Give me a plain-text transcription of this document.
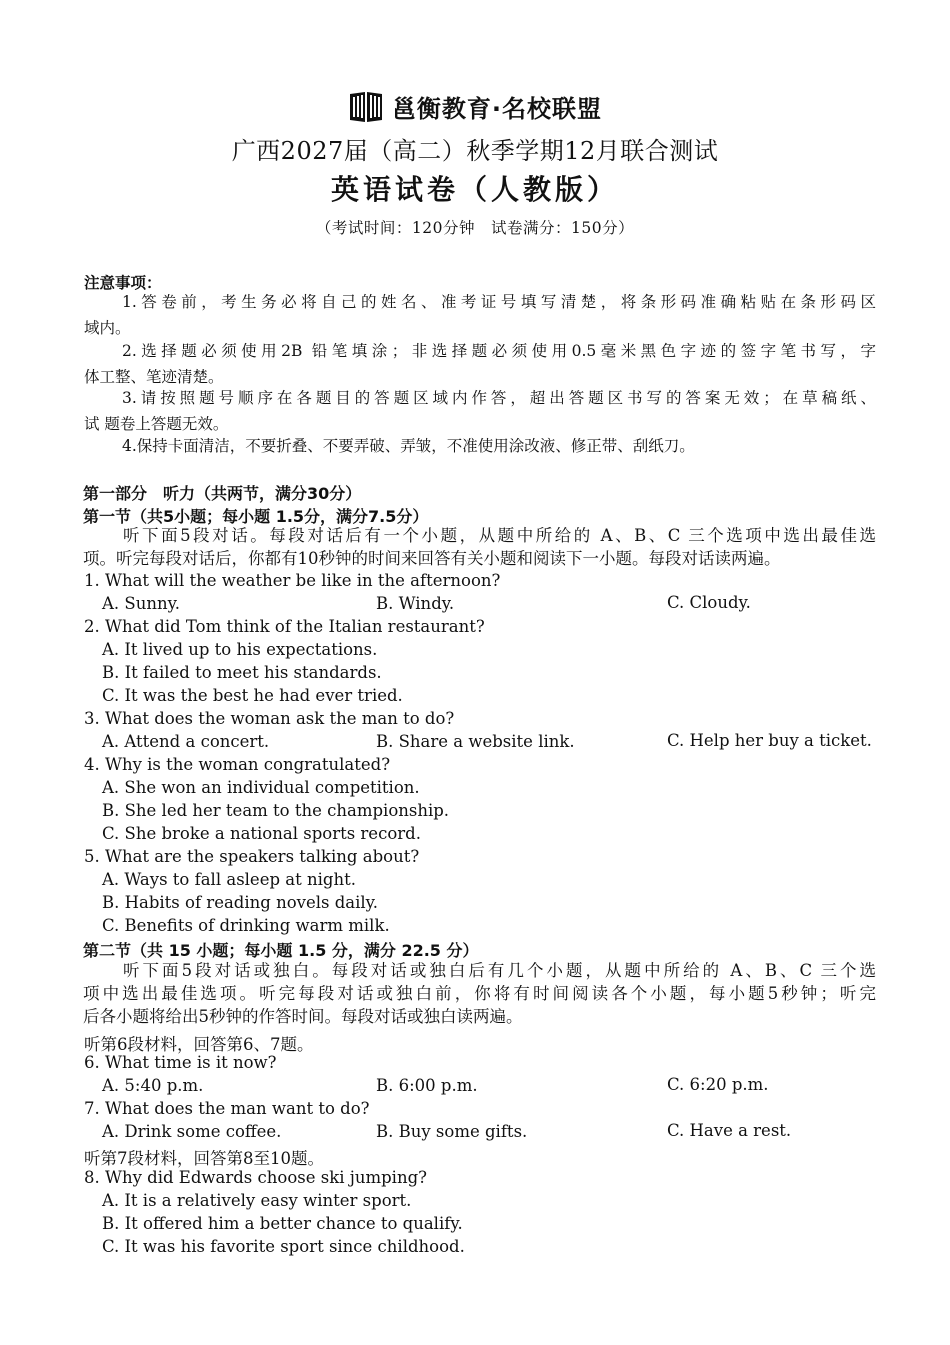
邕衡教育·名校联盟
广西2027届（高二）秋季学期12月联合测试
英语试卷（人教版）
（考试时间：120分钟　试卷满分：150分）
注意事项：
1.答卷前，考生务必将自己的姓名、准考证号填写清楚，将条形码准确粘贴在条形码区
域内。
2.选择题必须使用2B 铅笔填涂；非选择题必须使用0.5毫米黑色字迹的签字笔书写，字
体工整、笔迹清楚。
3.请按照题号顺序在各题目的答题区域内作答，超出答题区书写的答案无效；在草稿纸、
试 题卷上答题无效。
4.保持卡面清洁，不要折叠、不要弄破、弄皱，不准使用涂改液、修正带、刮纸刀。
第一部分　听力（共两节，满分30分）
第一节（共5小题；每小题 1.5分，满分7.5分）
听下面5段对话。每段对话后有一个小题，从题中所给的 A、B、C 三个选项中选出最佳选
项。听完每段对话后，你都有10秒钟的时间来回答有关小题和阅读下一小题。每段对话读两遍。
1. What will the weather be like in the afternoon?
A. Sunny.	B. Windy.	C. Cloudy.
2. What did Tom think of the Italian restaurant?
A. It lived up to his expectations.
B. It failed to meet his standards.
C. It was the best he had ever tried.
3. What does the woman ask the man to do?
A. Attend a concert.	B. Share a website link.	C. Help her buy a ticket.
4. Why is the woman congratulated?
A. She won an individual competition.
B. She led her team to the championship.
C. She broke a national sports record.
5. What are the speakers talking about?
A. Ways to fall asleep at night.
B. Habits of reading novels daily.
C. Benefits of drinking warm milk.
第二节（共 15 小题；每小题 1.5 分，满分 22.5 分）
听下面5段对话或独白。每段对话或独白后有几个小题，从题中所给的 A、B、C 三个选
项中选出最佳选项。听完每段对话或独白前，你将有时间阅读各个小题，每小题5秒钟；听完
后各小题将给出5秒钟的作答时间。每段对话或独白读两遍。
听第6段材料，回答第6、7题。
6. What time is it now?
A. 5:40 p.m.	B. 6:00 p.m.	C. 6:20 p.m.
7. What does the man want to do?
A. Drink some coffee.	B. Buy some gifts.	C. Have a rest.
听第7段材料，回答第8至10题。
8. Why did Edwards choose ski jumping?
A. It is a relatively easy winter sport.
B. It offered him a better chance to qualify.
C. It was his favorite sport since childhood.
